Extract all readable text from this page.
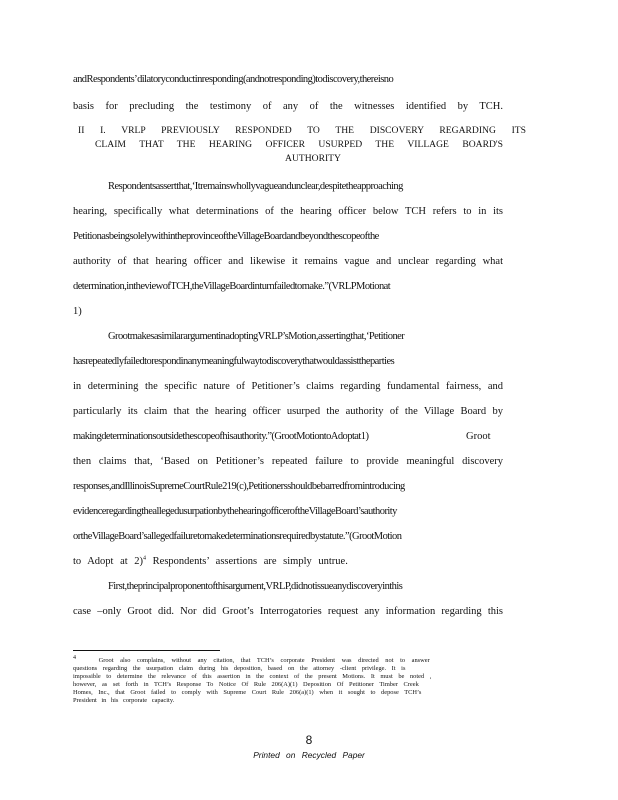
andRespondents’dilatoryconductinresponding(andnotresponding)todiscovery,thereisno
basis for precluding the testimony of any of the witnesses identified by TCH.
II I. VRLP PREVIOUSLY RESPONDED TO THE DISCOVERY REGARDING ITS
CLAIM THAT THE HEARING OFFICER USURPED THE VILLAGE BOARD'S
AUTHORITY
Respondentsassertthat,‘Itremainswhollyvagueandunclear,despitetheapproaching
hearing, specifically what determinations of the hearing officer below TCH refers to in its
PetitionasbeingsolelywithintheprovinceoftheVillageBoardandbeyondthescopeofthe
authority of that hearing officer and likewise it remains vague and unclear regarding what
determination,intheviewofTCH,theVillageBoardinturnfailedtomake.”(VRLPMotionat
1)
GrootmakesasimilarargumentinadoptingVRLP’sMotion,assertingthat,‘Petitioner
hasrepeatedlyfailedtorespondinanymeaningfulwaytodiscoverythatwouldassisttheparties
in determining the specific nature of Petitioner’s claims regarding fundamental fairness, and
particularly its claim that the hearing officer usurped the authority of the Village Board by
makingdeterminationsoutsidethescopeofhisauthority.”(GrootMotiontoAdoptat1)	Groot
then claims that, ‘Based on Petitioner’s repeated failure to provide meaningful discovery
responses,andIllinoisSupremeCourtRule219(c),Petitionersshouldbebarredfromintroducing
evidenceregardingtheallegedusurpationbythehearingofficeroftheVillageBoard’sauthority
ortheVillageBoard’sallegedfailuretomakedeterminationsrequiredbystatute.”(GrootMotion
to Adopt at 2)$^4$ Respondents’ assertions are simply untrue.
First,theprincipalproponentofthisargument,VRLP,didnotissueanydiscoveryinthis
case –only Groot did. Nor did Groot’s Interrogatories request any information regarding this
$^4$	Groot also complains, without any citation, that TCH’s corporate President was directed not to answer
questions regarding the usurpation claim during his deposition, based on the attorney -client privilege. It is
impossible to determine the relevance of this assertion in the context of the present Motions. It must be noted ,
however, as set forth in TCH’s Response To Notice Of Rule 206(A)(1) Deposition Of Petitioner Timber Creek
Homes, Inc., that Groot failed to comply with Supreme Court Rule 206(a)(1) when it sought to depose TCH’s
President in his corporate capacity.
8
Printed on Recycled Paper
